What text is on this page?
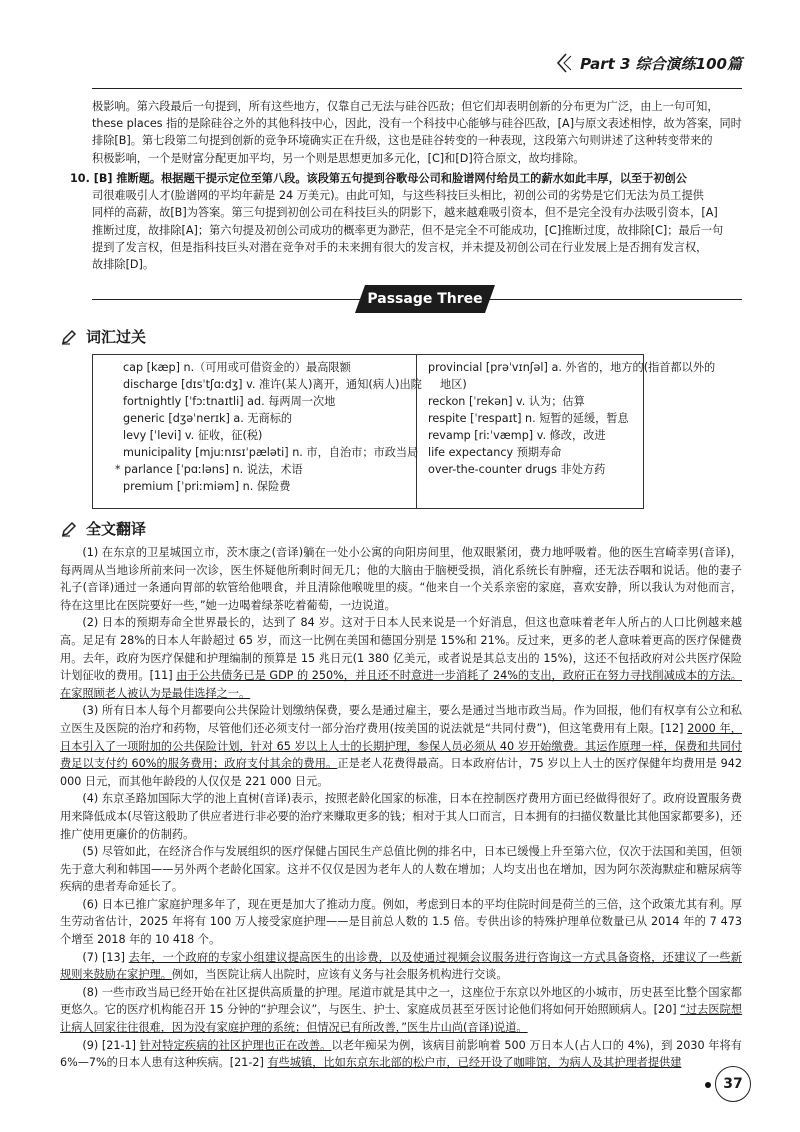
Part 3 综合演练100篇
极影响。第六段最后一句提到，所有这些地方，仅靠自己无法与硅谷匹敌；但它们却表明创新的分布更为广泛，由上一句可知，
these places 指的是除硅谷之外的其他科技中心，因此，没有一个科技中心能够与硅谷匹敌，[A]与原文表述相悖，故为答案，同时
排除[B]。第七段第二句提到创新的竞争环境确实正在升级，这也是硅谷转变的一种表现，这段第六句则讲述了这种转变带来的
积极影响，一个是财富分配更加平均，另一个则是思想更加多元化，[C]和[D]符合原文，故均排除。
10. [B] 推断题。根据题干提示定位至第八段。该段第五句提到谷歌母公司和脸谱网付给员工的薪水如此丰厚，以至于初创公
司很难吸引人才(脸谱网的平均年薪是 24 万美元)。由此可知，与这些科技巨头相比，初创公司的劣势是它们无法为员工提供
同样的高薪，故[B]为答案。第三句提到初创公司在科技巨头的阴影下，越来越难吸引资本，但不是完全没有办法吸引资本，[A]
推断过度，故排除[A]；第六句提及初创公司成功的概率更为渺茫，但不是完全不可能成功，[C]推断过度，故排除[C]；最后一句
提到了发言权，但是指科技巨头对潜在竞争对手的未来拥有很大的发言权，并未提及初创公司在行业发展上是否拥有发言权，
故排除[D]。
Passage Three
词汇过关
cap [kæp] n.（可用或可借资金的）最高限额
discharge [dɪsˈtʃɑːdʒ] v. 准许(某人)离开，通知(病人)出院
fortnightly [ˈfɔːtnaɪtli] ad. 每两周一次地
generic [dʒəˈnerɪk] a. 无商标的
levy [ˈlevi] v. 征收，征(税)
municipality [mjuːnɪsɪˈpæləti] n. 市，自治市；市政当局
* parlance [ˈpɑːləns] n. 说法，术语
premium [ˈpriːmiəm] n. 保险费
provincial [prəˈvɪnʃəl] a. 外省的，地方的(指首都以外的
地区)
reckon [ˈrekən] v. 认为；估算
respite [ˈrespaɪt] n. 短暂的延缓，暂息
revamp [riːˈvæmp] v. 修改，改进
life expectancy 预期寿命
over-the-counter drugs 非处方药
全文翻译

(1) 在东京的卫星城国立市，茨木康之(音译)躺在一处小公寓的向阳房间里，他双眼紧闭，费力地呼吸着。他的医生宫崎幸男(音译)，每两周从当地诊所前来问一次诊，医生怀疑他所剩时间无几；他的大脑由于脑梗受损，消化系统长有肿瘤，还无法吞咽和说话。他的妻子礼子(音译)通过一条通向胃部的软管给他喂食，并且清除他喉咙里的痰。“他来自一个关系亲密的家庭，喜欢安静，所以我认为对他而言，待在这里比在医院要好一些，”她一边喝着绿茶吃着葡萄，一边说道。

(2) 日本的预期寿命全世界最长的，达到了 84 岁。这对于日本人民来说是一个好消息，但这也意味着老年人所占的人口比例越来越高。足足有 28%的日本人年龄超过 65 岁，而这一比例在美国和德国分别是 15%和 21%。反过来，更多的老人意味着更高的医疗保健费用。去年，政府为医疗保健和护理编制的预算是 15 兆日元(1 380 亿美元，或者说是其总支出的 15%)，这还不包括政府对公共医疗保险计划征收的费用。[11] 由于公共债务已是 GDP 的 250%，并且还不时意进一步消耗了 24%的支出，政府正在努力寻找削减成本的方法。在家照顾老人被认为是最佳选择之一。

(3) 所有日本人每个月都要向公共保险计划缴纳保费，要么是通过雇主，要么是通过当地市政当局。作为回报，他们有权享有公立和私立医生及医院的治疗和药物，尽管他们还必须支付一部分治疗费用(按美国的说法就是“共同付费”)，但这笔费用有上限。[12] 2000 年，日本引入了一项附加的公共保险计划，针对 65 岁以上人士的长期护理，参保人员必须从 40 岁开始缴费。其运作原理一样，保费和共同付费足以支付约 60%的服务费用；政府支付其余的费用。正是老人花费得最高。日本政府估计，75 岁以上人士的医疗保健年均费用是 942 000 日元，而其他年龄段的人仅仅是 221 000 日元。

(4) 东京圣路加国际大学的池上直树(音译)表示，按照老龄化国家的标准，日本在控制医疗费用方面已经做得很好了。政府设置服务费用来降低成本(尽管这般助了供应者进行非必要的治疗来赚取更多的钱；相对于其人口而言，日本拥有的扫描仪数量比其他国家都要多)，还推广使用更廉价的仿制药。

(5) 尽管如此，在经济合作与发展组织的医疗保健占国民生产总值比例的排名中，日本已缓慢上升至第六位，仅次于法国和美国，但领先于意大利和韩国——另外两个老龄化国家。这并不仅仅是因为老年人的人数在增加；人均支出也在增加，因为阿尔茨海默症和糖尿病等疾病的患者寿命延长了。

(6) 日本已推广家庭护理多年了，现在更是加大了推动力度。例如，考虑到日本的平均住院时间是荷兰的三倍，这个政策尤其有利。厚生劳动省估计，2025 年将有 100 万人接受家庭护理——是目前总人数的 1.5 倍。专供出诊的特殊护理单位数量已从 2014 年的 7 473 个增至 2018 年的 10 418 个。

(7) [13] 去年，一个政府的专家小组建议提高医生的出诊费，以及使通过视频会议服务进行咨询这一方式具备资格，还建议了一些新规则来鼓励在家护理。例如，当医院让病人出院时，应该有义务与社会服务机构进行交谈。

(8) 一些市政当局已经开始在社区提供高质量的护理。尾道市就是其中之一，这座位于东京以外地区的小城市，历史甚至比整个国家都更悠久。它的医疗机构能召开 15 分钟的“护理会议”，与医生、护士、家庭成员甚至牙医讨论他们将如何开始照顾病人。[20] “过去医院想让病人回家往往很难，因为没有家庭护理的系统；但情况已有所改善，”医生片山尚(音译)说道。

(9) [21-1] 针对特定疾病的社区护理也正在改善。以老年痴呆为例，该病目前影响着 500 万日本人(占人口的 4%)，到 2030 年将有 6%—7%的日本人患有这种疾病。[21-2] 有些城镇，比如东京东北部的松户市，已经开设了咖啡馆，为病人及其护理者提供建

37
